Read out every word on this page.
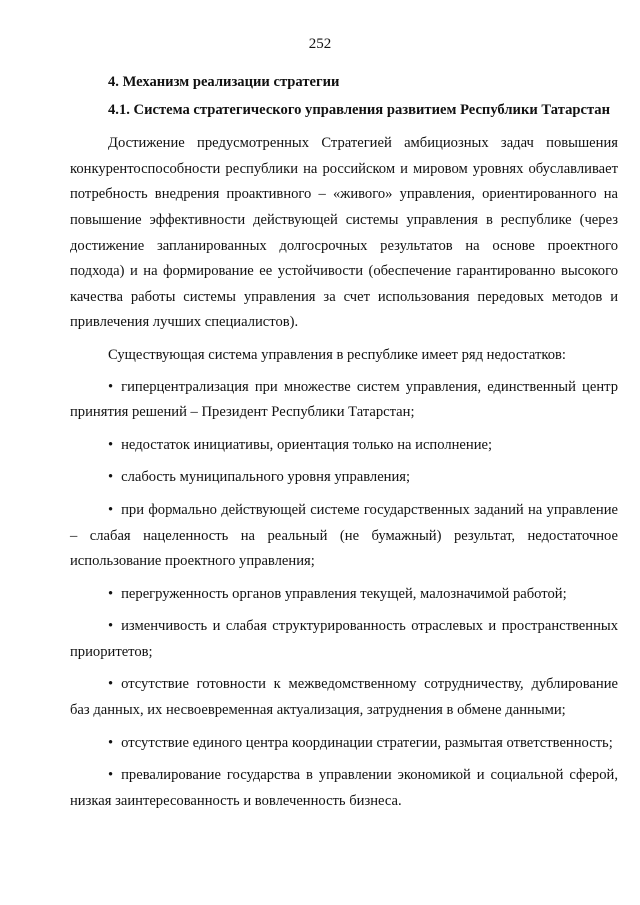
252

4. Механизм реализации стратегии

4.1. Система стратегического управления развитием Республики Татарстан

Достижение предусмотренных Стратегией амбициозных задач повышения конкурентоспособности республики на российском и мировом уровнях обуславливает потребность внедрения проактивного – «живого» управления, ориентированного на повышение эффективности действующей системы управления в республике (через достижение запланированных долгосрочных результатов на основе проектного подхода) и на формирование ее устойчивости (обеспечение гарантированно высокого качества работы системы управления за счет использования передовых методов и привлечения лучших специалистов).

Существующая система управления в республике имеет ряд недостатков:

• гиперцентрализация при множестве систем управления, единственный центр принятия решений – Президент Республики Татарстан;
• недостаток инициативы, ориентация только на исполнение;
• слабость муниципального уровня управления;
• при формально действующей системе государственных заданий на управление – слабая нацеленность на реальный (не бумажный) результат, недостаточное использование проектного управления;
• перегруженность органов управления текущей, малозначимой работой;
• изменчивость и слабая структурированность отраслевых и пространственных приоритетов;
• отсутствие готовности к межведомственному сотрудничеству, дублирование баз данных, их несвоевременная актуализация, затруднения в обмене данными;
• отсутствие единого центра координации стратегии, размытая ответственность;
• превалирование государства в управлении экономикой и социальной сферой, низкая заинтересованность и вовлеченность бизнеса.
